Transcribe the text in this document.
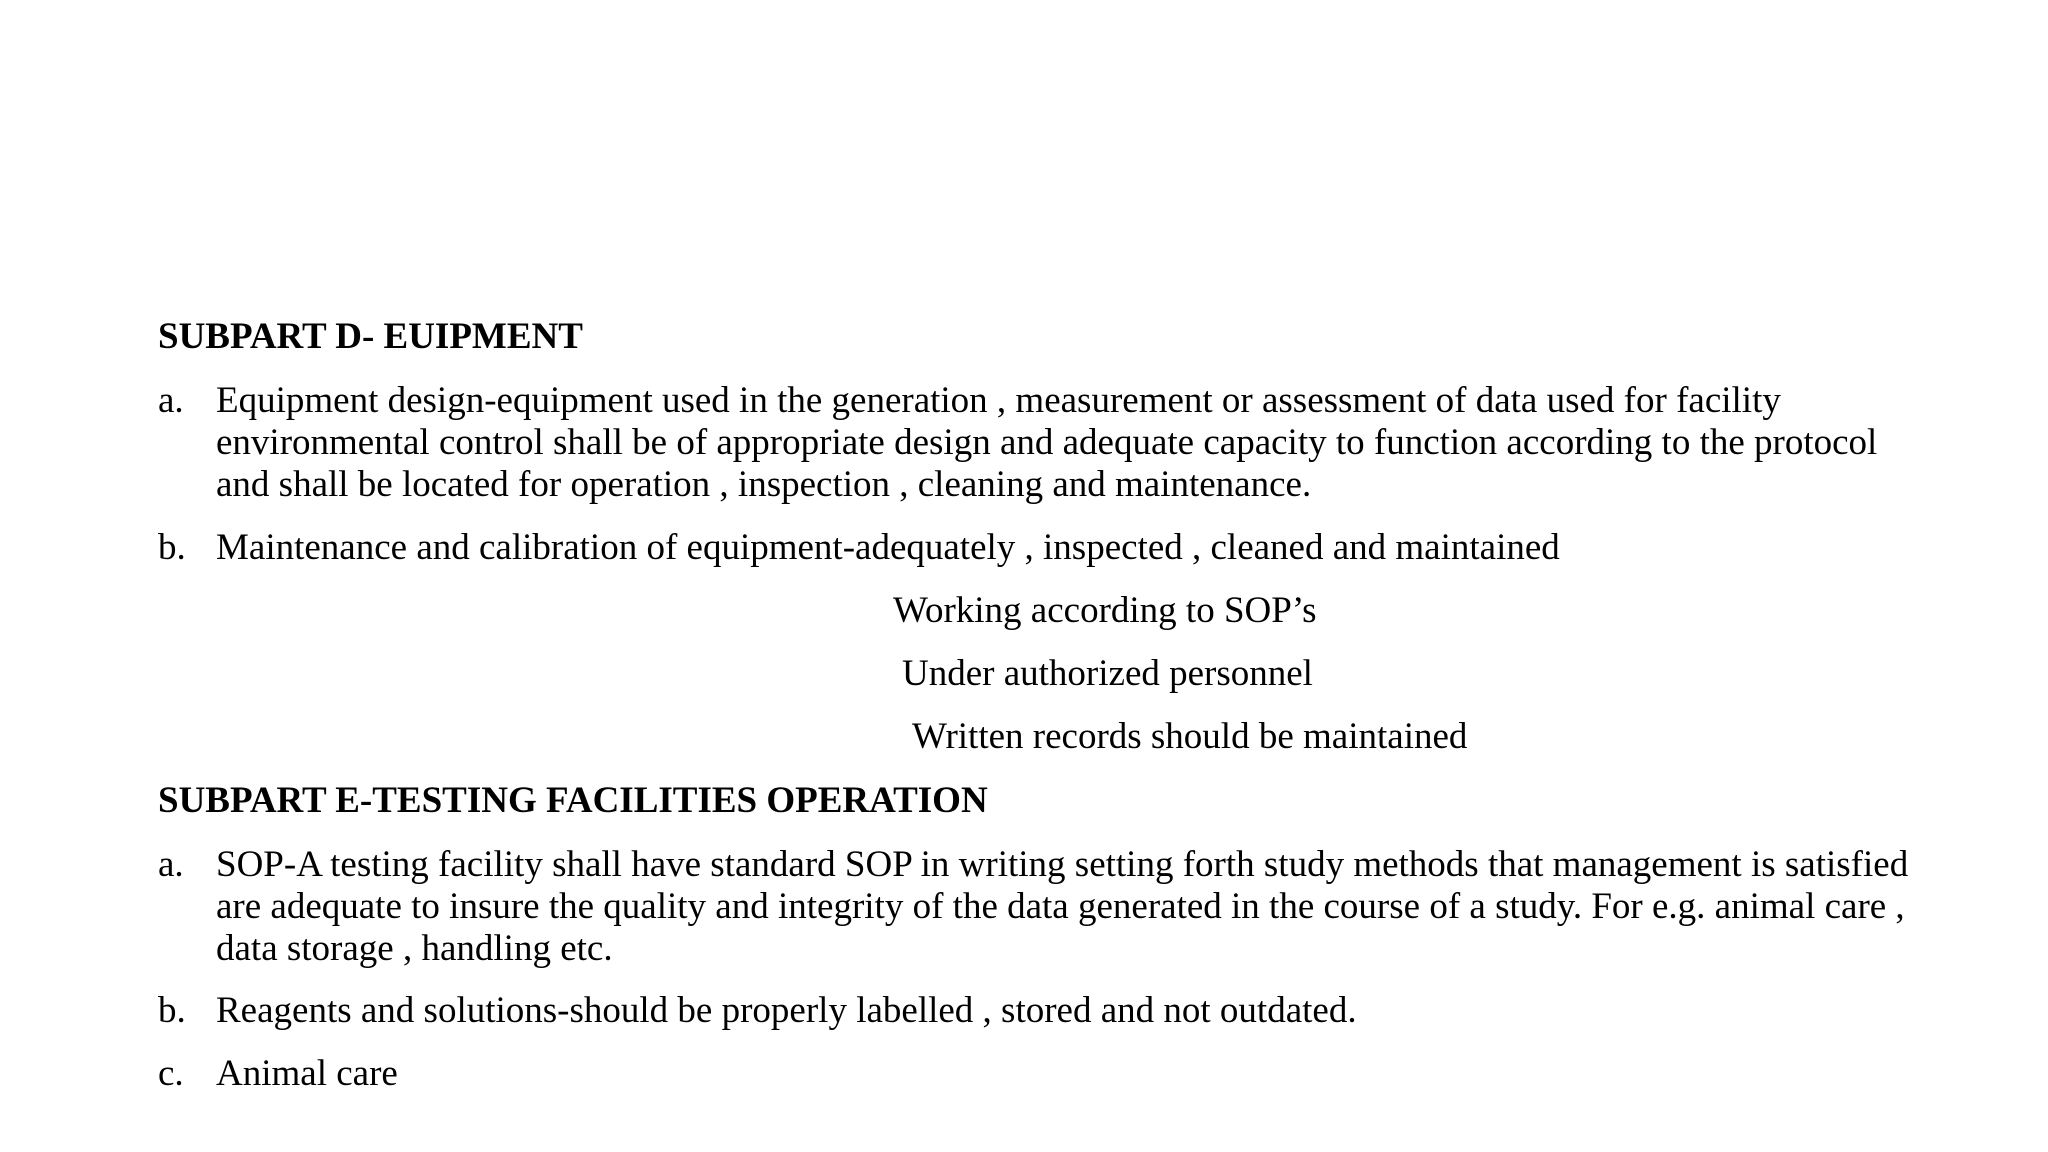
SUBPART D- EUIPMENT
a. Equipment design-equipment used in the generation , measurement or assessment of data used for facility environmental control shall be of appropriate design and adequate capacity to function according to the protocol and shall be located for operation , inspection , cleaning and maintenance.
b. Maintenance and calibration of equipment-adequately , inspected , cleaned and maintained
Working according to SOP’s
Under authorized personnel
Written records should be maintained
SUBPART E-TESTING FACILITIES OPERATION
a. SOP-A testing facility shall have standard SOP in writing setting forth study methods that management is satisfied are adequate to insure the quality and integrity of the data generated in the course of a study. For e.g. animal care , data storage , handling etc.
b. Reagents and solutions-should be properly labelled , stored and not outdated.
c. Animal care
